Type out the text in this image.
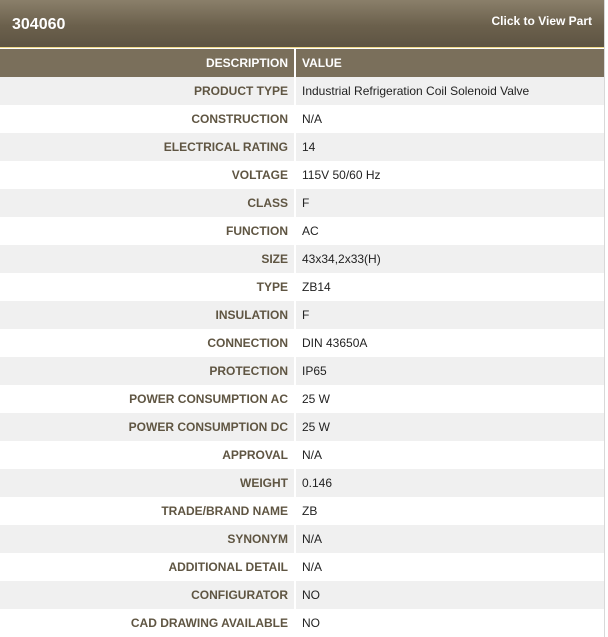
304060	Click to View Part
DESCRIPTION	VALUE
PRODUCT TYPE	Industrial Refrigeration Coil Solenoid Valve
CONSTRUCTION	N/A
ELECTRICAL RATING	14
VOLTAGE	115V 50/60 Hz
CLASS	F
FUNCTION	AC
SIZE	43x34,2x33(H)
TYPE	ZB14
INSULATION	F
CONNECTION	DIN 43650A
PROTECTION	IP65
POWER CONSUMPTION AC	25 W
POWER CONSUMPTION DC	25 W
APPROVAL	N/A
WEIGHT	0.146
TRADE/BRAND NAME	ZB
SYNONYM	N/A
ADDITIONAL DETAIL	N/A
CONFIGURATOR	NO
CAD DRAWING AVAILABLE	NO
